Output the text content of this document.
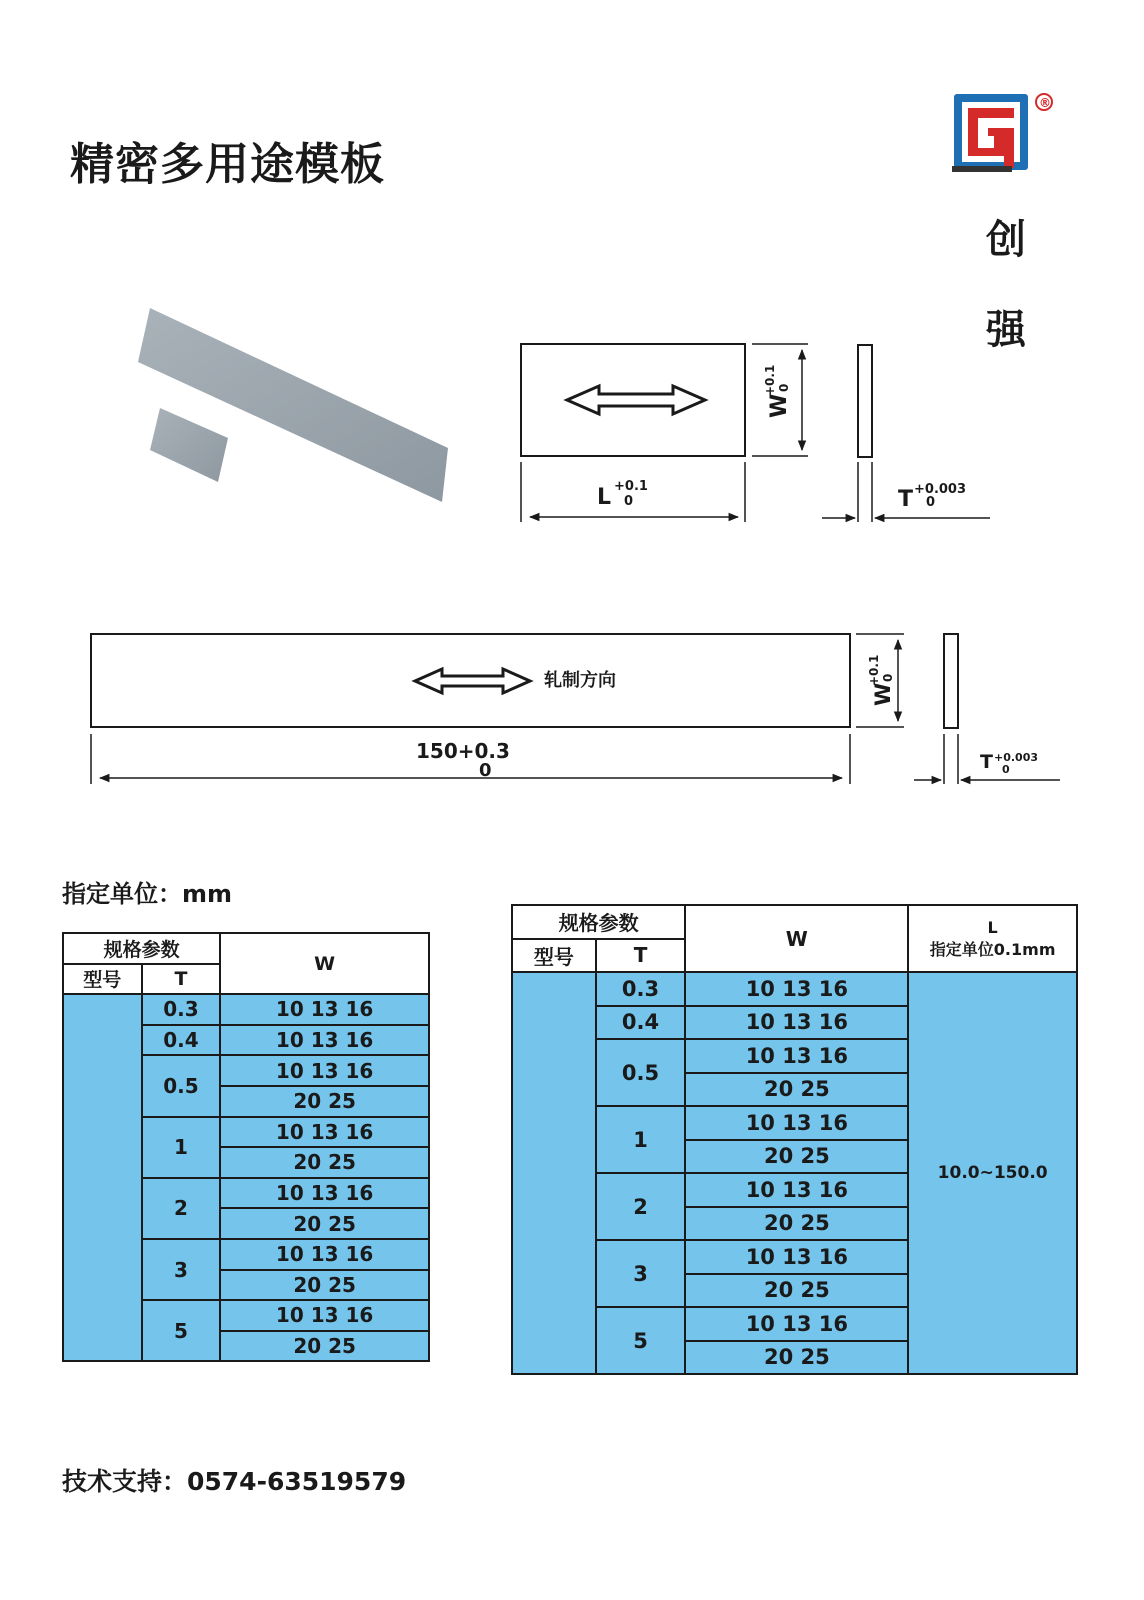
精密多用途模板
®
创
强
W
+0.1 0
L +0.1
0	T +0.003
0
轧制方向
W
+0.1 0
150+0.3
0	T +0.003
0
指定单位：mm
规格参数		W
型号	T	
	0.3	10 13 16
	0.4	10 13 16
	0.5	10 13 16
		20 25
	1	10 13 16
		20 25
	2	10 13 16
		20 25
	3	10 13 16
		20 25
	5	10 13 16
		20 25
规格参数		W	L
指定单位0.1mm
型号	T		
	0.3	10 13 16	10.0~150.0
	0.4	10 13 16	
	0.5	10 13 16	
		20 25	
	1	10 13 16	
		20 25	
	2	10 13 16	
		20 25	
	3	10 13 16	
		20 25	
	5	10 13 16	
		20 25	
技术支持：0574-63519579
